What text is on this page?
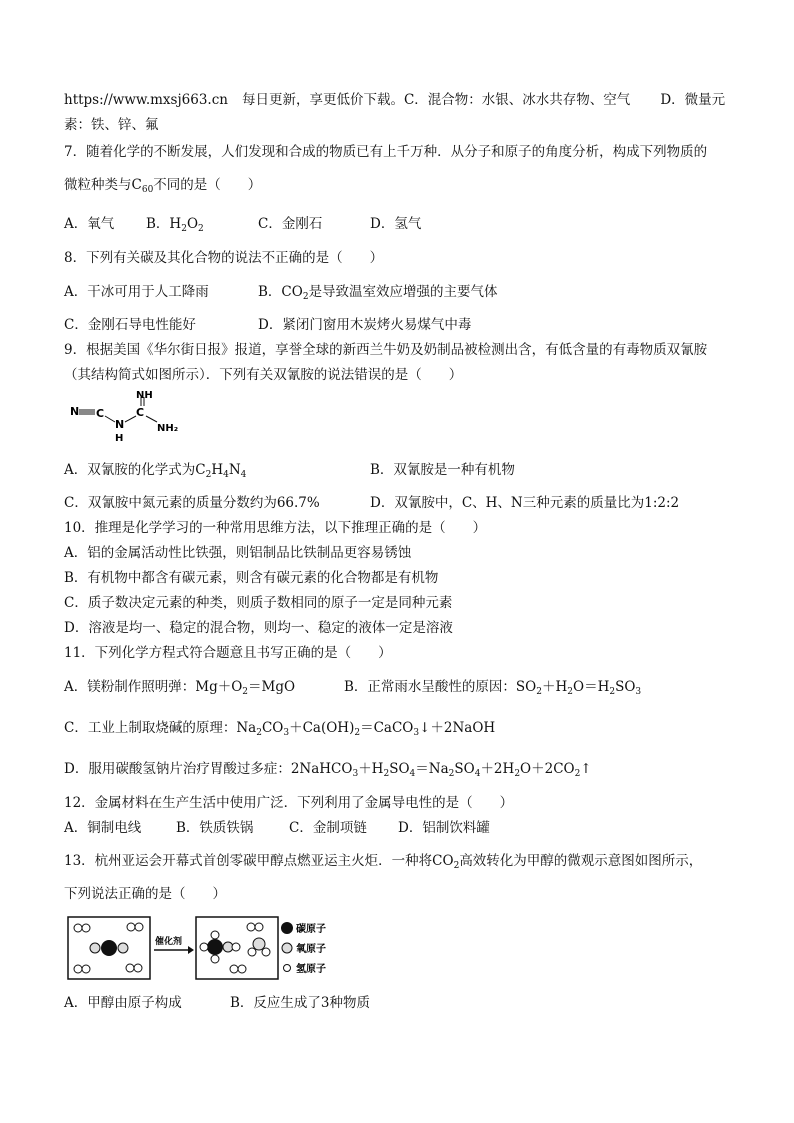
https://www.mxsj663.cn 每日更新，享更低价下载。C．混合物：水银、冰水共存物、空气 D．微量元
素：铁、锌、氟
7．随着化学的不断发展，人们发现和合成的物质已有上千万种．从分子和原子的角度分析，构成下列物质的
微粒种类与$C_{60}$不同的是（　　）
A．氧气 B．$H_2O_2$	C．金刚石	D．氢气
8．下列有关碳及其化合物的说法不正确的是（　　）
A．干冰可用于人工降雨	B．$CO_2$是导致温室效应增强的主要气体
C．金刚石导电性能好	D．紧闭门窗用木炭烤火易煤气中毒
9．根据美国《华尔街日报》报道，享誉全球的新西兰牛奶及奶制品被检测出含，有低含量的有毒物质双氰胺
（其结构简式如图所示）．下列有关双氰胺的说法错误的是（　　）
N C
N
H
C
NH
NH₂
A．双氰胺的化学式为$C_2H_4N_4$	B．双氰胺是一种有机物
C．双氰胺中氮元素的质量分数约为66.7%	D．双氰胺中，C、H、N三种元素的质量比为1:2:2
10．推理是化学学习的一种常用思维方法，以下推理正确的是（　　）
A．铝的金属活动性比铁强，则铝制品比铁制品更容易锈蚀
B．有机物中都含有碳元素，则含有碳元素的化合物都是有机物
C．质子数决定元素的种类，则质子数相同的原子一定是同种元素
D．溶液是均一、稳定的混合物，则均一、稳定的液体一定是溶液
11．下列化学方程式符合题意且书写正确的是（　　）
A．镁粉制作照明弹：$Mg+O_2=MgO$	B．正常雨水呈酸性的原因：$SO_2+H_2O=H_2SO_3$
C．工业上制取烧碱的原理：$Na_2CO_3+Ca(OH)_2=CaCO_3↓+2NaOH$
D．服用碳酸氢钠片治疗胃酸过多症：$2NaHCO_3+H_2SO_4=Na_2SO_4+2H_2O+2CO_2↑$
12．金属材料在生产生活中使用广泛．下列利用了金属导电性的是（　　）
A．铜制电线	B．铁质铁锅	C．金制项链 D．铝制饮料罐
13．杭州亚运会开幕式首创零碳甲醇点燃亚运主火炬．一种将$CO_2$高效转化为甲醇的微观示意图如图所示，
下列说法正确的是（　　）
催化剂
碳原子
氧原子
氢原子
A．甲醇由原子构成	B．反应生成了3种物质
